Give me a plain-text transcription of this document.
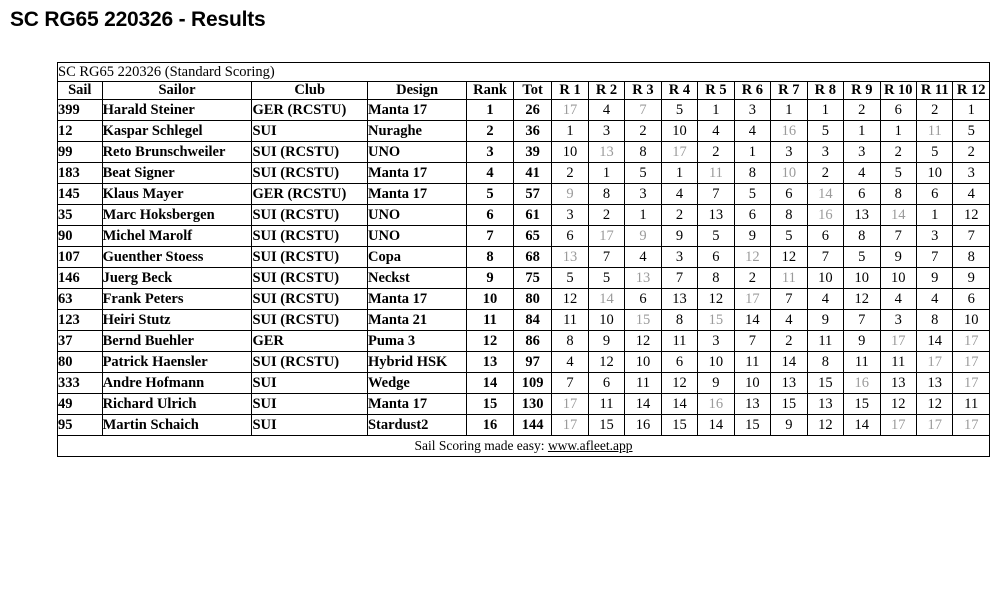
SC RG65 220326 - Results
SC RG65 220326 (Standard Scoring)																	
Sail	Sailor	Club	Design	Rank	Tot	R 1	R 2	R 3	R 4	R 5	R 6	R 7	R 8	R 9	R 10	R 11	R 12
399	Harald Steiner	GER (RCSTU)	Manta 17	1	26	17	4	7	5	1	3	1	1	2	6	2	1
12	Kaspar Schlegel	SUI	Nuraghe	2	36	1	3	2	10	4	4	16	5	1	1	11	5
99	Reto Brunschweiler	SUI (RCSTU)	UNO	3	39	10	13	8	17	2	1	3	3	3	2	5	2
183	Beat Signer	SUI (RCSTU)	Manta 17	4	41	2	1	5	1	11	8	10	2	4	5	10	3
145	Klaus Mayer	GER (RCSTU)	Manta 17	5	57	9	8	3	4	7	5	6	14	6	8	6	4
35	Marc Hoksbergen	SUI (RCSTU)	UNO	6	61	3	2	1	2	13	6	8	16	13	14	1	12
90	Michel Marolf	SUI (RCSTU)	UNO	7	65	6	17	9	9	5	9	5	6	8	7	3	7
107	Guenther Stoess	SUI (RCSTU)	Copa	8	68	13	7	4	3	6	12	12	7	5	9	7	8
146	Juerg Beck	SUI (RCSTU)	Neckst	9	75	5	5	13	7	8	2	11	10	10	10	9	9
63	Frank Peters	SUI (RCSTU)	Manta 17	10	80	12	14	6	13	12	17	7	4	12	4	4	6
123	Heiri Stutz	SUI (RCSTU)	Manta 21	11	84	11	10	15	8	15	14	4	9	7	3	8	10
37	Bernd Buehler	GER	Puma 3	12	86	8	9	12	11	3	7	2	11	9	17	14	17
80	Patrick Haensler	SUI (RCSTU)	Hybrid HSK	13	97	4	12	10	6	10	11	14	8	11	11	17	17
333	Andre Hofmann	SUI	Wedge	14	109	7	6	11	12	9	10	13	15	16	13	13	17
49	Richard Ulrich	SUI	Manta 17	15	130	17	11	14	14	16	13	15	13	15	12	12	11
95	Martin Schaich	SUI	Stardust2	16	144	17	15	16	15	14	15	9	12	14	17	17	17
Sail Scoring made easy: www.afleet.app																	
